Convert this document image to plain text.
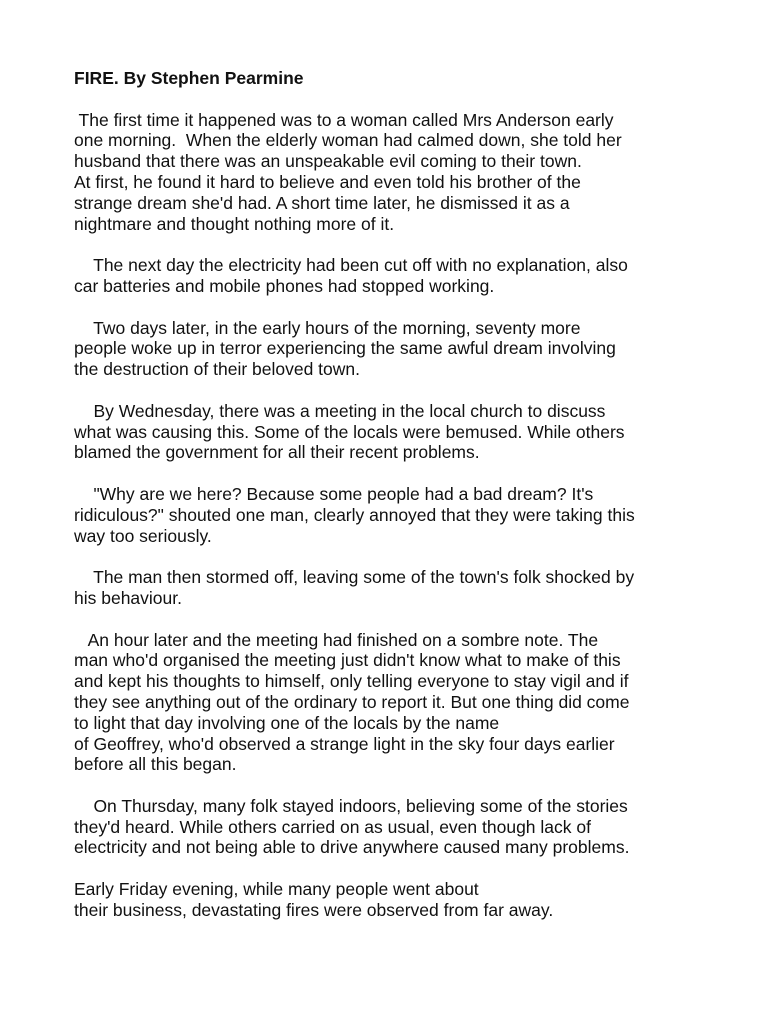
FIRE. By Stephen Pearmine
The first time it happened was to a woman called Mrs Anderson early
one morning.  When the elderly woman had calmed down, she told her
husband that there was an unspeakable evil coming to their town.
At first, he found it hard to believe and even told his brother of the
strange dream she'd had. A short time later, he dismissed it as a
nightmare and thought nothing more of it.
The next day the electricity had been cut off with no explanation, also
car batteries and mobile phones had stopped working.
Two days later, in the early hours of the morning, seventy more
people woke up in terror experiencing the same awful dream involving
the destruction of their beloved town.
By Wednesday, there was a meeting in the local church to discuss
what was causing this. Some of the locals were bemused. While others
blamed the government for all their recent problems.
"Why are we here? Because some people had a bad dream? It's
ridiculous?" shouted one man, clearly annoyed that they were taking this
way too seriously.
The man then stormed off, leaving some of the town's folk shocked by
his behaviour.
An hour later and the meeting had finished on a sombre note. The
man who'd organised the meeting just didn't know what to make of this
and kept his thoughts to himself, only telling everyone to stay vigil and if
they see anything out of the ordinary to report it. But one thing did come
to light that day involving one of the locals by the name
of Geoffrey, who'd observed a strange light in the sky four days earlier
before all this began.
On Thursday, many folk stayed indoors, believing some of the stories
they'd heard. While others carried on as usual, even though lack of
electricity and not being able to drive anywhere caused many problems.
Early Friday evening, while many people went about
their business, devastating fires were observed from far away.
